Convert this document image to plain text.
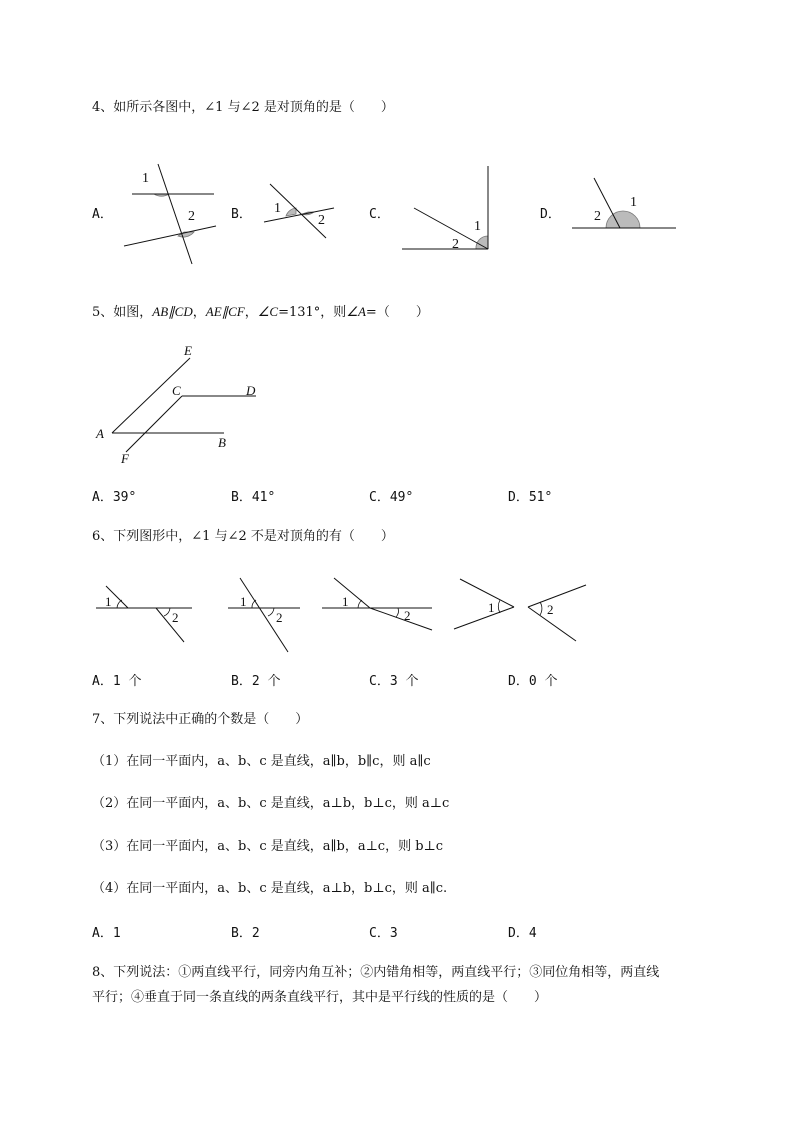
4、如所示各图中，∠1 与∠2 是对顶角的是（　　）
A．
1
2	B． 1
2	C．
1
2
D．
1
2
5、如图，AB∥CD，AE∥CF，∠C=131°，则∠A=（　　）
E
C	D
A
B
F
A．39°	B．41°	C．49°	D．51°
6、下列图形中，∠1 与∠2 不是对顶角的有（　　）
1
2
1
2
1
2
1	2
A．1 个	B．2 个	C．3 个	D．0 个
7、下列说法中正确的个数是（　　）
（1）在同一平面内，a、b、c 是直线，a∥b，b∥c，则 a∥c
（2）在同一平面内，a、b、c 是直线，a⊥b，b⊥c，则 a⊥c
（3）在同一平面内，a、b、c 是直线，a∥b，a⊥c，则 b⊥c
（4）在同一平面内，a、b、c 是直线，a⊥b，b⊥c，则 a∥c.
A．1	B．2	C．3	D．4
8、下列说法：①两直线平行，同旁内角互补；②内错角相等，两直线平行；③同位角相等，两直线
平行；④垂直于同一条直线的两条直线平行，其中是平行线的性质的是（　　）
